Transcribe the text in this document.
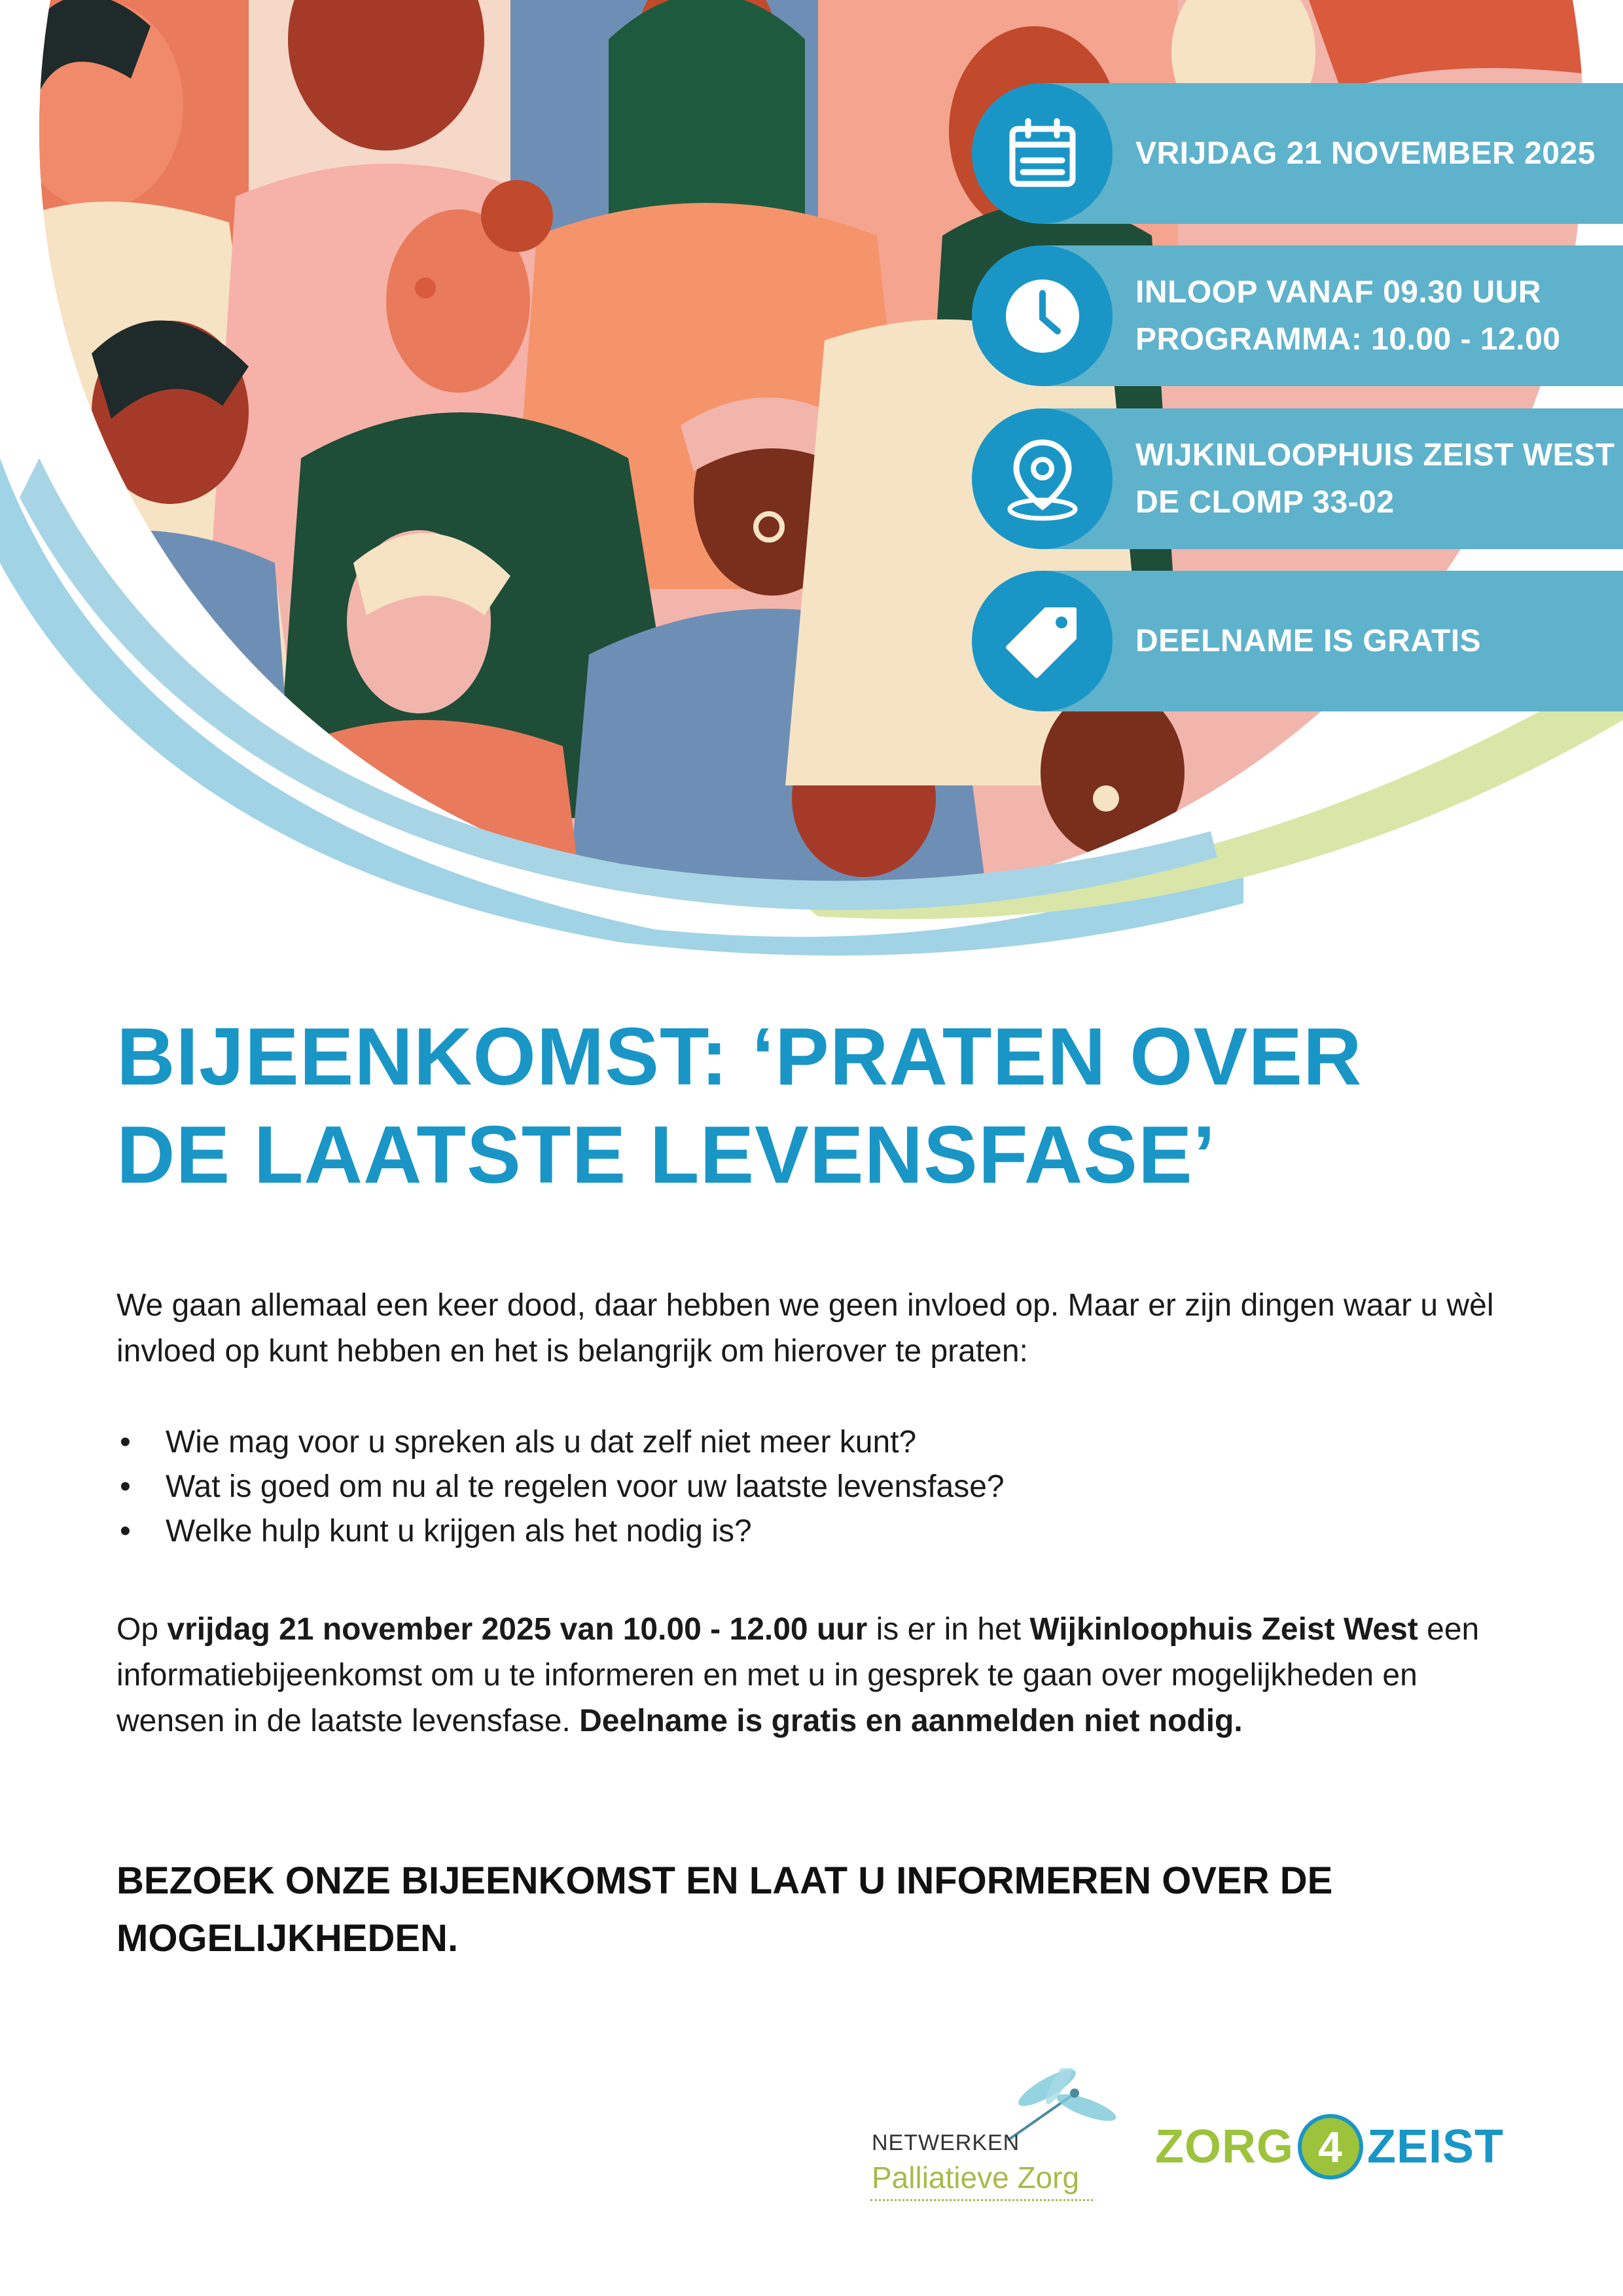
VRIJDAG 21 NOVEMBER 2025
INLOOP VANAF 09.30 UUR
PROGRAMMA: 10.00 - 12.00
WIJKINLOOPHUIS ZEIST WEST
DE CLOMP 33-02
DEELNAME IS GRATIS
BIJEENKOMST: ‘PRATEN OVER
DE LAATSTE LEVENSFASE’
We gaan allemaal een keer dood, daar hebben we geen invloed op. Maar er zijn dingen waar u wèl invloed op kunt hebben en het is belangrijk om hierover te praten:
• Wie mag voor u spreken als u dat zelf niet meer kunt?
• Wat is goed om nu al te regelen voor uw laatste levensfase?
• Welke hulp kunt u krijgen als het nodig is?
Op vrijdag 21 november 2025 van 10.00 - 12.00 uur is er in het Wijkinloophuis Zeist West een informatiebijeenkomst om u te informeren en met u in gesprek te gaan over mogelijkheden en wensen in de laatste levensfase. Deelname is gratis en aanmelden niet nodig.
BEZOEK ONZE BIJEENKOMST EN LAAT U INFORMEREN OVER DE MOGELIJKHEDEN.
NETWERKEN
Palliatieve Zorg
ZORG 4 ZEIST
